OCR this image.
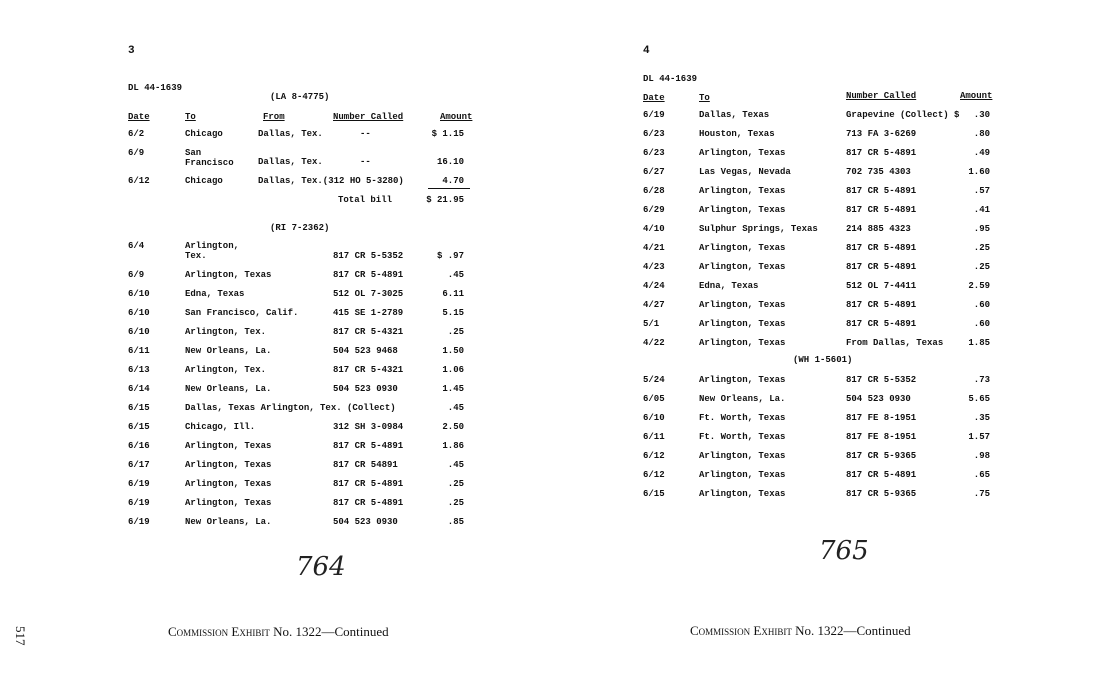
517
3
DL 44-1639
(LA 8-4775)
Date	To	From	Number Called	Amount
6/2	Chicago	Dallas, Tex.	--	$ 1.15
6/9	San Francisco	Dallas, Tex.	--	16.10
6/12	Chicago	Dallas, Tex.(312 HO 5-3280)	4.70
Total bill	$ 21.95
(RI 7-2362)
6/4	Arlington, Tex.	817 CR 5-5352	$ .97
6/9	Arlington, Texas	817 CR 5-4891	.45
6/10	Edna, Texas	512 OL 7-3025	6.11
6/10	San Francisco, Calif.	415 SE 1-2789	5.15
6/10	Arlington, Tex.	817 CR 5-4321	.25
6/11	New Orleans, La.	504 523 9468	1.50
6/13	Arlington, Tex.	817 CR 5-4321	1.06
6/14	New Orleans, La.	504 523 0930	1.45
6/15	Dallas, Texas Arlington, Tex. (Collect)	.45
6/15	Chicago, Ill.	312 SH 3-0984	2.50
6/16	Arlington, Texas	817 CR 5-4891	1.86
6/17	Arlington, Texas	817 CR 54891	.45
6/19	Arlington, Texas	817 CR 5-4891	.25
6/19	Arlington, Texas	817 CR 5-4891	.25
6/19	New Orleans, La.	504 523 0930	.85
764
Commission Exhibit No. 1322—Continued
4
DL 44-1639
Date	To	Number Called	Amount
6/19	Dallas, Texas	Grapevine (Collect) $	.30
6/23	Houston, Texas	713 FA 3-6269	.80
6/23	Arlington, Texas	817 CR 5-4891	.49
6/27	Las Vegas, Nevada	702 735 4303	1.60
6/28	Arlington, Texas	817 CR 5-4891	.57
6/29	Arlington, Texas	817 CR 5-4891	.41
4/10	Sulphur Springs, Texas	214 885 4323	.95
4/21	Arlington, Texas	817 CR 5-4891	.25
4/23	Arlington, Texas	817 CR 5-4891	.25
4/24	Edna, Texas	512 OL 7-4411	2.59
4/27	Arlington, Texas	817 CR 5-4891	.60
5/1	Arlington, Texas	817 CR 5-4891	.60
4/22	Arlington, Texas	From Dallas, Texas	1.85
(WH 1-5601)
5/24	Arlington, Texas	817 CR 5-5352	.73
6/05	New Orleans, La.	504 523 0930	5.65
6/10	Ft. Worth, Texas	817 FE 8-1951	.35
6/11	Ft. Worth, Texas	817 FE 8-1951	1.57
6/12	Arlington, Texas	817 CR 5-9365	.98
6/12	Arlington, Texas	817 CR 5-4891	.65
6/15	Arlington, Texas	817 CR 5-9365	.75
765
Commission Exhibit No. 1322—Continued
